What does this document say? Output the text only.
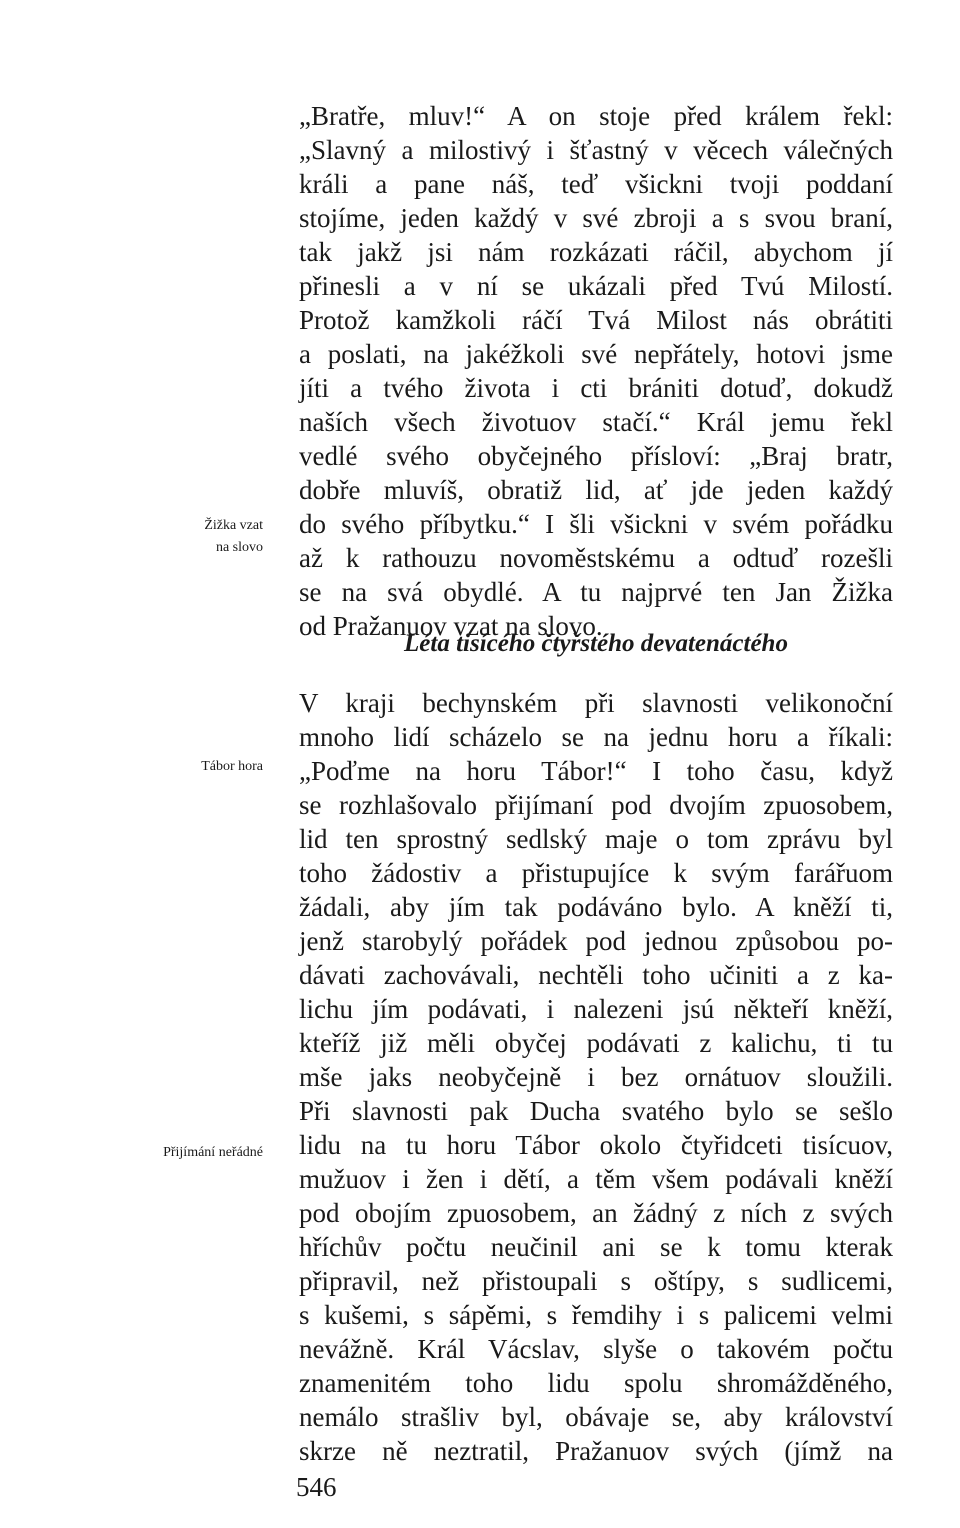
„Bratře, mluv!“ A on stoje před králem řekl:
„Slavný a milostivý i šťastný v věcech válečných
králi a pane náš, teď všickni tvoji poddaní
stojíme, jeden každý v své zbroji a s svou braní,
tak jakž jsi nám rozkázati ráčil, abychom jí
přinesli a v ní se ukázali před Tvú Milostí.
Protož kamžkoli ráčí Tvá Milost nás obrátiti
a poslati, na jakéžkoli své nepřátely, hotovi jsme
jíti a tvého života i cti brániti dotuď, dokudž
naších všech životuov stačí.“ Král jemu řekl
vedlé svého obyčejného přísloví: „Braj bratr,
dobře mluvíš, obratiž lid, ať jde jeden každý
do svého příbytku.“ I šli všickni v svém pořádku
až k rathouzu novoměstskému a odtuď rozešli
se na svá obydlé. A tu najprvé ten Jan Žižka
od Pražanuov vzat na slovo.

Žižka vzat
na slovo

Léta tisícého čtyřstého devatenáctého

Tábor hora

Přijímání neřádné

V kraji bechynském při slavnosti velikonoční
mnoho lidí scházelo se na jednu horu a říkali:
„Poďme na horu Tábor!“ I toho času, když
se rozhlašovalo přijímaní pod dvojím zpuosobem,
lid ten sprostný sedlský maje o tom zprávu byl
toho žádostiv a přistupujíce k svým farářuom
žádali, aby jím tak podáváno bylo. A kněží ti,
jenž starobylý pořádek pod jednou způsobou po-
dávati zachovávali, nechtěli toho učiniti a z ka-
lichu jím podávati, i nalezeni jsú někteří kněží,
kteříž již měli obyčej podávati z kalichu, ti tu
mše jaks neobyčejně i bez ornátuov sloužili.
Při slavnosti pak Ducha svatého bylo se sešlo
lidu na tu horu Tábor okolo čtyřidceti tisícuov,
mužuov i žen i dětí, a těm všem podávali kněží
pod obojím zpuosobem, an žádný z ních z svých
hříchův počtu neučinil ani se k tomu kterak
připravil, než přistoupali s oštípy, s sudlicemi,
s kušemi, s sápěmi, s řemdihy i s palicemi velmi
nevážně. Král Vácslav, slyše o takovém počtu
znamenitém toho lidu spolu shromážděného,
nemálo strašliv byl, obávaje se, aby království
skrze ně neztratil, Pražanuov svých (jímž na

546
